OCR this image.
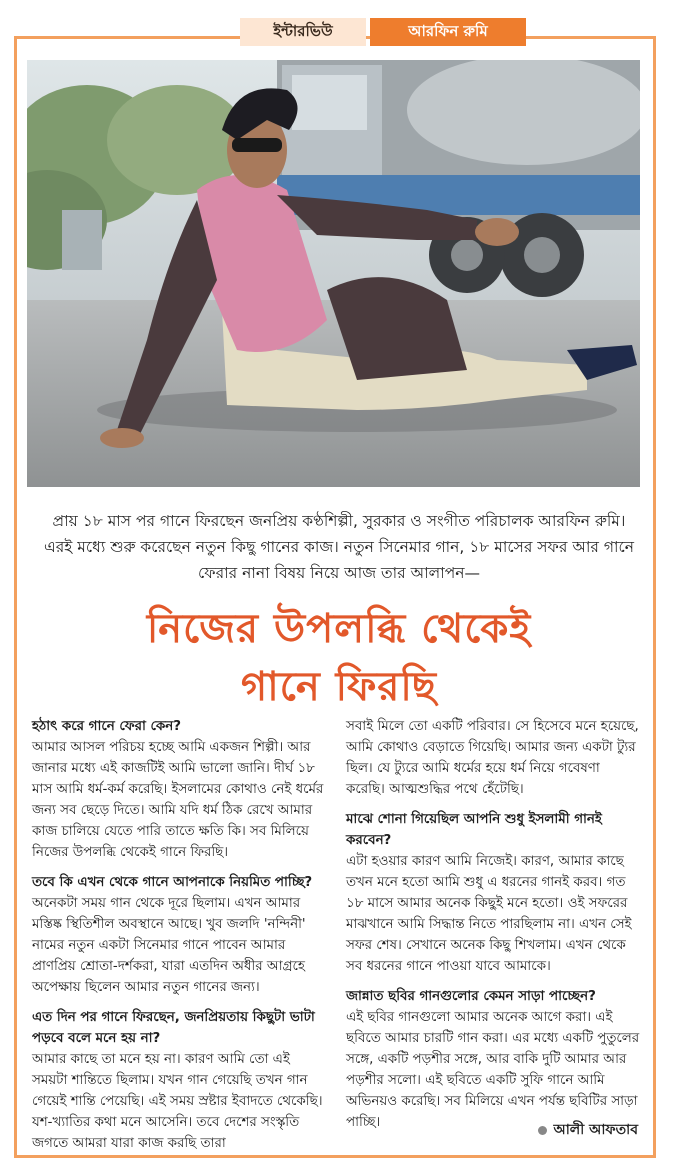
ইন্টারভিউ	আরফিন রুমি
প্রায় ১৮ মাস পর গানে ফিরছেন জনপ্রিয় কণ্ঠশিল্পী, সুরকার ও সংগীত পরিচালক আরফিন রুমি। এরই মধ্যে শুরু করেছেন নতুন কিছু গানের কাজ। নতুন সিনেমার গান, ১৮ মাসের সফর আর গানে ফেরার নানা বিষয় নিয়ে আজ তার আলাপন—
নিজের উপলব্ধি থেকেই
গানে ফিরছি

হঠাৎ করে গানে ফেরা কেন?

আমার আসল পরিচয় হচ্ছে আমি একজন শিল্পী। আর জানার মধ্যে এই কাজটিই আমি ভালো জানি। দীর্ঘ ১৮ মাস আমি ধর্ম-কর্ম করেছি। ইসলামের কোথাও নেই ধর্মের জন্য সব ছেড়ে দিতে। আমি যদি ধর্ম ঠিক রেখে আমার কাজ চালিয়ে যেতে পারি তাতে ক্ষতি কি। সব মিলিয়ে নিজের উপলব্ধি থেকেই গানে ফিরছি।

তবে কি এখন থেকে গানে আপনাকে নিয়মিত পাচ্ছি?

অনেকটা সময় গান থেকে দূরে ছিলাম। এখন আমার মস্তিষ্ক স্থিতিশীল অবস্থানে আছে। খুব জলদি 'নন্দিনী' নামের নতুন একটা সিনেমার গানে পাবেন আমার প্রাণপ্রিয় শ্রোতা-দর্শকরা, যারা এতদিন অধীর আগ্রহে অপেক্ষায় ছিলেন আমার নতুন গানের জন্য।

এত দিন পর গানে ফিরছেন, জনপ্রিয়তায় কিছুটা ভাটা পড়বে বলে মনে হয় না?

আমার কাছে তা মনে হয় না। কারণ আমি তো এই সময়টা শান্তিতে ছিলাম। যখন গান গেয়েছি তখন গান গেয়েই শান্তি পেয়েছি। এই সময় স্রষ্টার ইবাদতে থেকেছি। যশ-খ্যাতির কথা মনে আসেনি। তবে দেশের সংস্কৃতি জগতে আমরা যারা কাজ করছি তারা

সবাই মিলে তো একটি পরিবার। সে হিসেবে মনে হয়েছে, আমি কোথাও বেড়াতে গিয়েছি। আমার জন্য একটা ট্যুর ছিল। যে ট্যুরে আমি ধর্মের হয়ে ধর্ম নিয়ে গবেষণা করেছি। আত্মশুদ্ধির পথে হেঁটেছি।

মাঝে শোনা গিয়েছিল আপনি শুধু ইসলামী গানই করবেন?

এটা হওয়ার কারণ আমি নিজেই। কারণ, আমার কাছে তখন মনে হতো আমি শুধু এ ধরনের গানই করব। গত ১৮ মাসে আমার অনেক কিছুই মনে হতো। ওই সফরের মাঝখানে আমি সিদ্ধান্ত নিতে পারছিলাম না। এখন সেই সফর শেষ। সেখানে অনেক কিছু শিখলাম। এখন থেকে সব ধরনের গানে পাওয়া যাবে আমাকে।

জান্নাত ছবির গানগুলোর কেমন সাড়া পাচ্ছেন?

এই ছবির গানগুলো আমার অনেক আগে করা। এই ছবিতে আমার চারটি গান করা। এর মধ্যে একটি পুতুলের সঙ্গে, একটি পড়শীর সঙ্গে, আর বাকি দুটি আমার আর পড়শীর সলো। এই ছবিতে একটি সুফি গানে আমি অভিনয়ও করেছি। সব মিলিয়ে এখন পর্যন্ত ছবিটির সাড়া পাচ্ছি।	আলী আফতাব
